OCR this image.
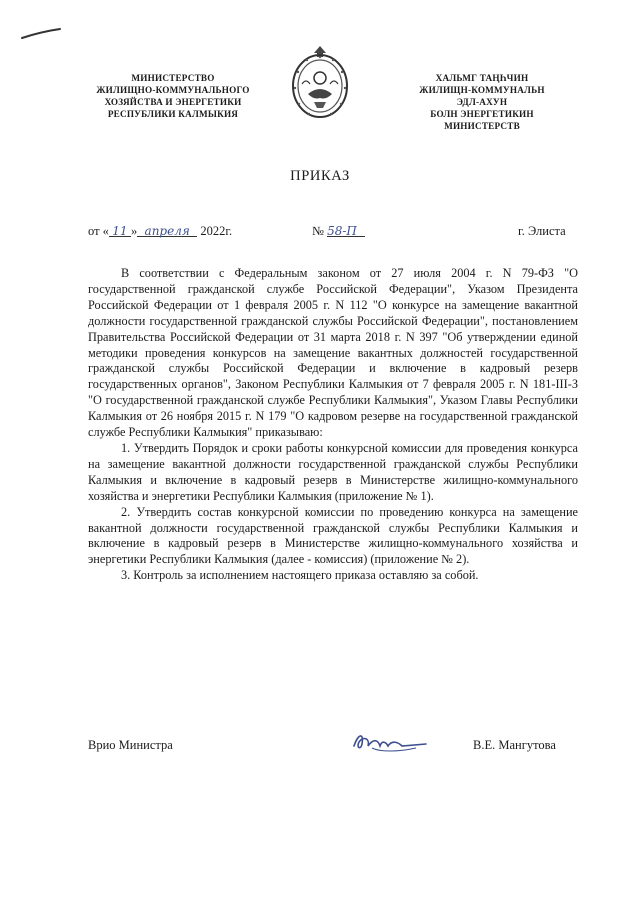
МИНИСТЕРСТВО
ЖИЛИЩНО-КОММУНАЛЬНОГО
ХОЗЯЙСТВА И ЭНЕРГЕТИКИ
РЕСПУБЛИКИ КАЛМЫКИЯ
ХАЛЬМГ ТАҢҺЧИН
ЖИЛИЩН-КОММУНАЛЬН
ЭДЛ-АХУН
БОЛН ЭНЕРГЕТИКИН
МИНИСТЕРСТВ
ПРИКАЗ
от « 11 » апреля 2022г.	№ 58-П	г. Элиста

В соответствии с Федеральным законом от 27 июля 2004 г. N 79-ФЗ "О государственной гражданской службе Российской Федерации", Указом Президента Российской Федерации от 1 февраля 2005 г. N 112 "О конкурсе на замещение вакантной должности государственной гражданской службы Российской Федерации", постановлением Правительства Российской Федерации от 31 марта 2018 г. N 397 "Об утверждении единой методики проведения конкурсов на замещение вакантных должностей государственной гражданской службы Российской Федерации и включение в кадровый резерв государственных органов", Законом Республики Калмыкия от 7 февраля 2005 г. N 181-III-З "О государственной гражданской службе Республики Калмыкия", Указом Главы Республики Калмыкия от 26 ноября 2015 г. N 179 "О кадровом резерве на государственной гражданской службе Республики Калмыкия" приказываю:

1. Утвердить Порядок и сроки работы конкурсной комиссии для проведения конкурса на замещение вакантной должности государственной гражданской службы Республики Калмыкия и включение в кадровый резерв в Министерстве жилищно-коммунального хозяйства и энергетики Республики Калмыкия (приложение № 1).

2. Утвердить состав конкурсной комиссии по проведению конкурса на замещение вакантной должности государственной гражданской службы Республики Калмыкия и включение в кадровый резерв в Министерстве жилищно-коммунального хозяйства и энергетики Республики Калмыкия (далее - комиссия) (приложение № 2).

3. Контроль за исполнением настоящего приказа оставляю за собой.

Врио Министра	В.Е. Мангутова
